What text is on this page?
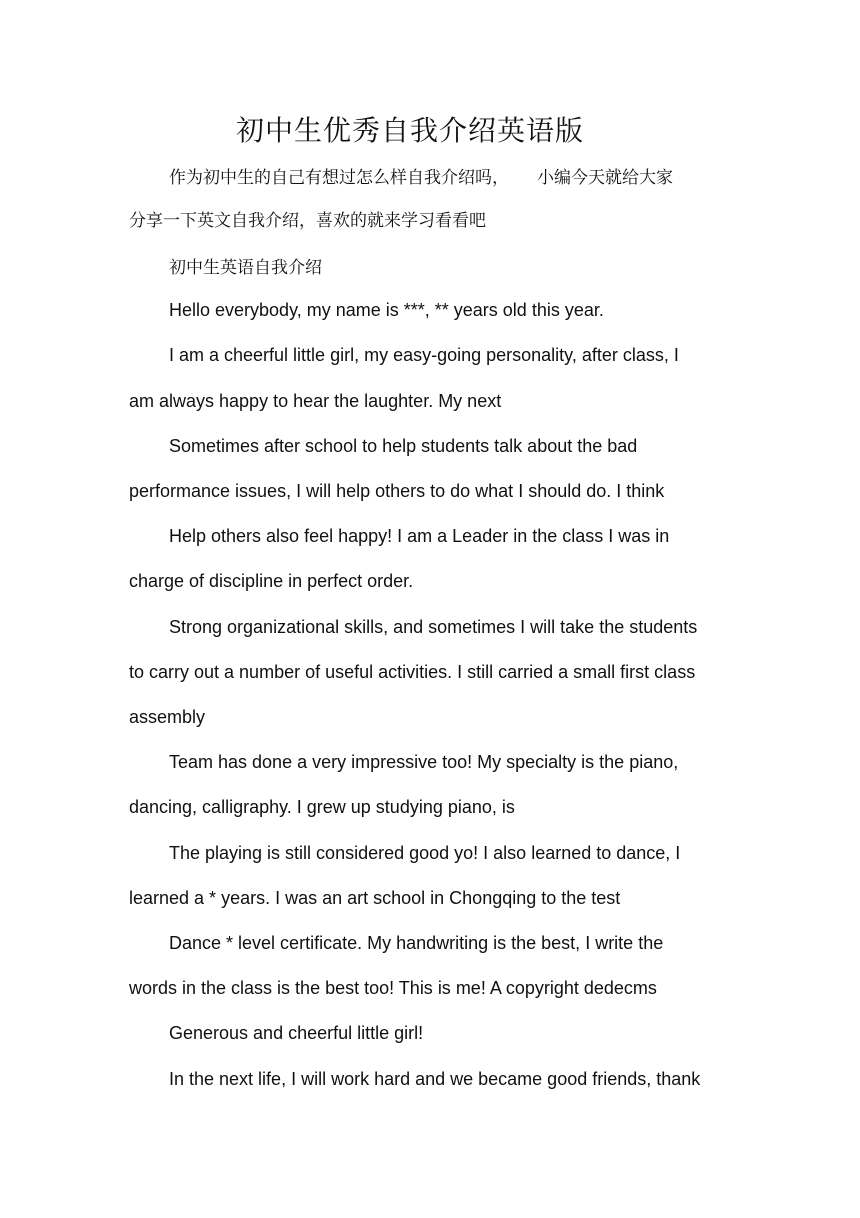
初中生优秀自我介绍英语版
作为初中生的自己有想过怎么样自我介绍吗， 小编今天就给大家
分享一下英文自我介绍，喜欢的就来学习看看吧
初中生英语自我介绍
Hello everybody, my name is ***, ** years old this year.
I am a cheerful little girl, my easy-going personality, after class, I
am always happy to hear the laughter. My next
Sometimes after school to help students talk about the bad
performance issues, I will help others to do what I should do. I think
Help others also feel happy! I am a Leader in the class I was in
charge of discipline in perfect order.
Strong organizational skills, and sometimes I will take the students
to carry out a number of useful activities. I still carried a small first class
assembly
Team has done a very impressive too! My specialty is the piano,
dancing, calligraphy. I grew up studying piano, is
The playing is still considered good yo! I also learned to dance, I
learned a * years. I was an art school in Chongqing to the test
Dance * level certificate. My handwriting is the best, I write the
words in the class is the best too! This is me! A copyright dedecms
Generous and cheerful little girl!
In the next life, I will work hard and we became good friends, thank
